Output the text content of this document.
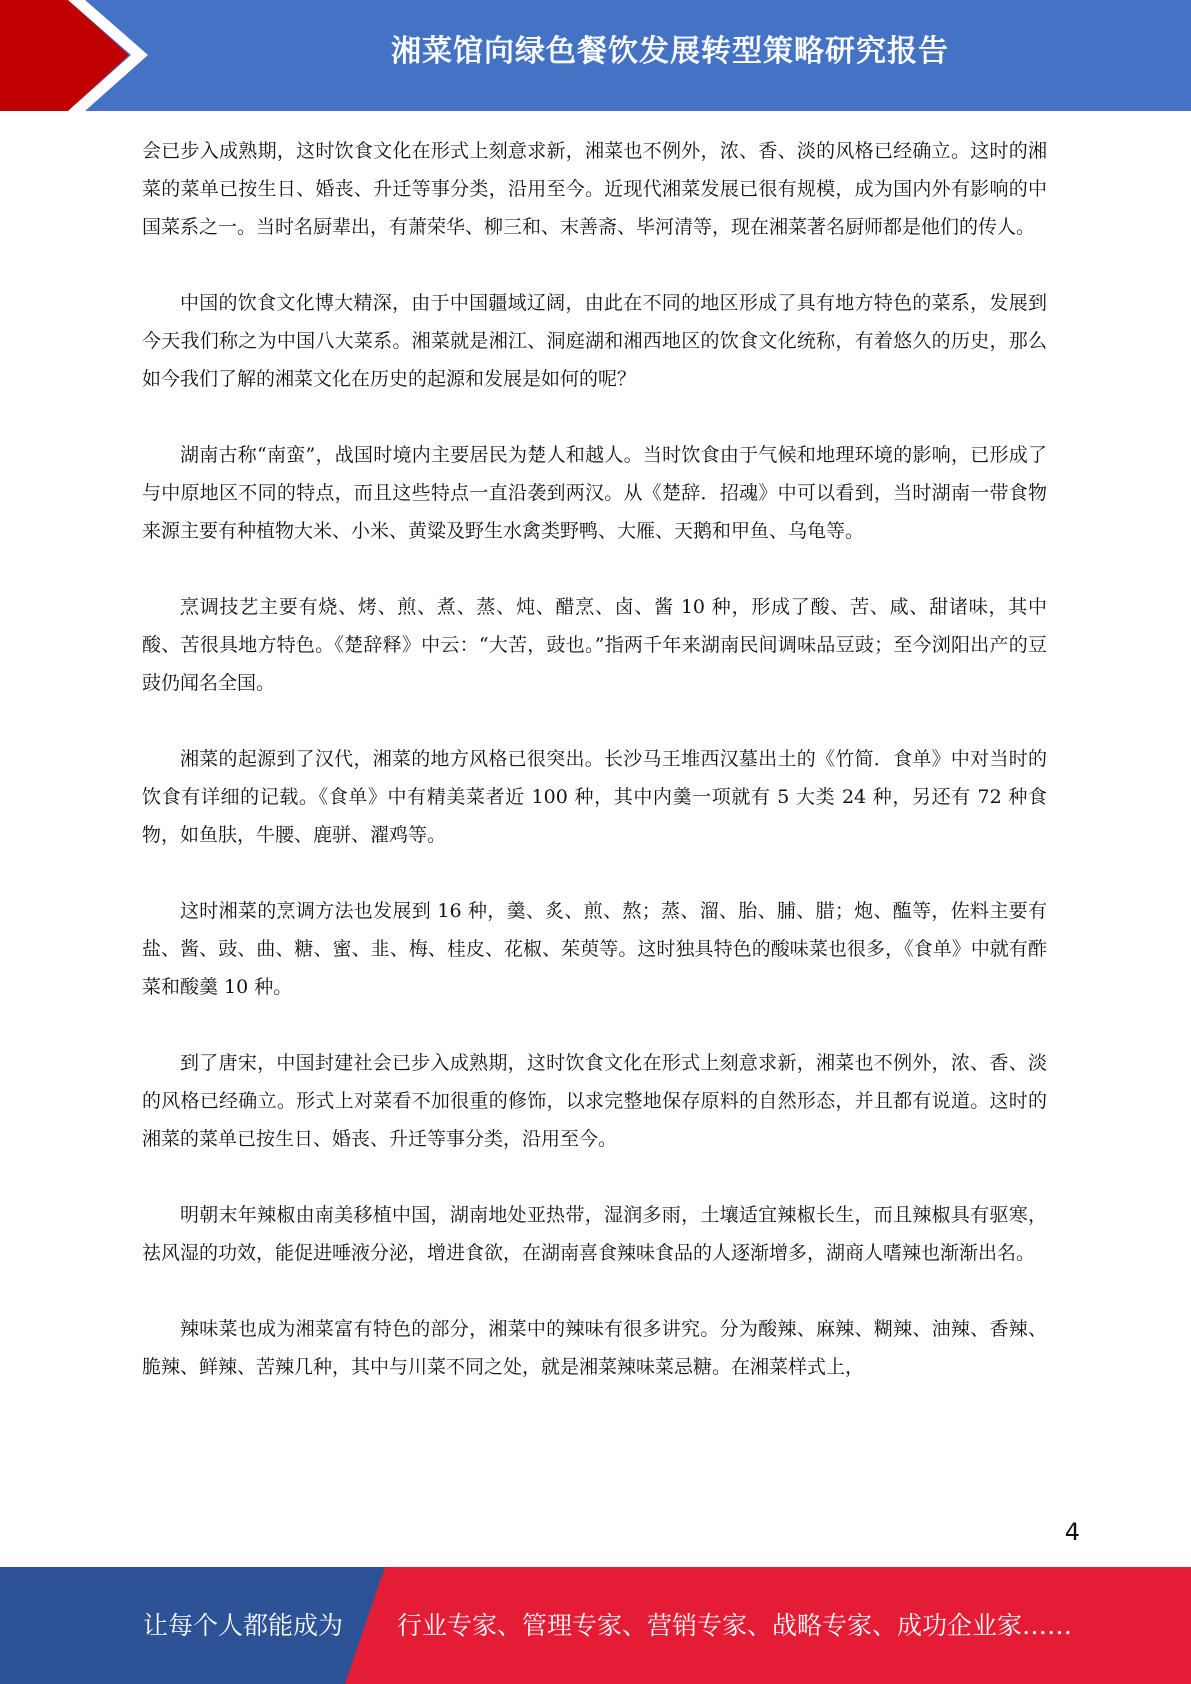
湘菜馆向绿色餐饮发展转型策略研究报告

会已步入成熟期，这时饮食文化在形式上刻意求新，湘菜也不例外，浓、香、淡的风格已经确立。这时的湘菜的菜单已按生日、婚丧、升迁等事分类，沿用至今。近现代湘菜发展已很有规模，成为国内外有影响的中国菜系之一。当时名厨辈出，有萧荣华、柳三和、末善斋、毕河清等，现在湘菜著名厨师都是他们的传人。

中国的饮食文化博大精深，由于中国疆域辽阔，由此在不同的地区形成了具有地方特色的菜系，发展到今天我们称之为中国八大菜系。湘菜就是湘江、洞庭湖和湘西地区的饮食文化统称，有着悠久的历史，那么如今我们了解的湘菜文化在历史的起源和发展是如何的呢？

湖南古称“南蛮”，战国时境内主要居民为楚人和越人。当时饮食由于气候和地理环境的影响，已形成了与中原地区不同的特点，而且这些特点一直沿袭到两汉。从《楚辞．招魂》中可以看到，当时湖南一带食物来源主要有种植物大米、小米、黄粱及野生水禽类野鸭、大雁、天鹅和甲鱼、乌龟等。

烹调技艺主要有烧、烤、煎、煮、蒸、炖、醋烹、卤、酱 10 种，形成了酸、苦、咸、甜诸味，其中酸、苦很具地方特色。《楚辞释》中云：“大苦，豉也。”指两千年来湖南民间调味品豆豉；至今浏阳出产的豆豉仍闻名全国。

湘菜的起源到了汉代，湘菜的地方风格已很突出。长沙马王堆西汉墓出土的《竹简．食单》中对当时的饮食有详细的记载。《食单》中有精美菜者近 100 种，其中内羹一项就有 5 大类 24 种，另还有 72 种食物，如鱼肤，牛腰、鹿骈、濯鸡等。

这时湘菜的烹调方法也发展到 16 种，羹、炙、煎、熬；蒸、溜、胎、脯、腊；炮、醢等，佐料主要有盐、酱、豉、曲、糖、蜜、韭、梅、桂皮、花椒、茱萸等。这时独具特色的酸味菜也很多，《食单》中就有酢菜和酸羹 10 种。

到了唐宋，中国封建社会已步入成熟期，这时饮食文化在形式上刻意求新，湘菜也不例外，浓、香、淡的风格已经确立。形式上对菜看不加很重的修饰，以求完整地保存原料的自然形态，并且都有说道。这时的湘菜的菜单已按生日、婚丧、升迁等事分类，沿用至今。

明朝末年辣椒由南美移植中国，湖南地处亚热带，湿润多雨，土壤适宜辣椒长生，而且辣椒具有驱寒，祛风湿的功效，能促进唾液分泌，增进食欲，在湖南喜食辣味食品的人逐渐增多，湖商人嗜辣也渐渐出名。

辣味菜也成为湘菜富有特色的部分，湘菜中的辣味有很多讲究。分为酸辣、麻辣、糊辣、油辣、香辣、脆辣、鲜辣、苦辣几种，其中与川菜不同之处，就是湘菜辣味菜忌糖。在湘菜样式上，

4
让每个人都能成为 行业专家、管理专家、营销专家、战略专家、成功企业家……
